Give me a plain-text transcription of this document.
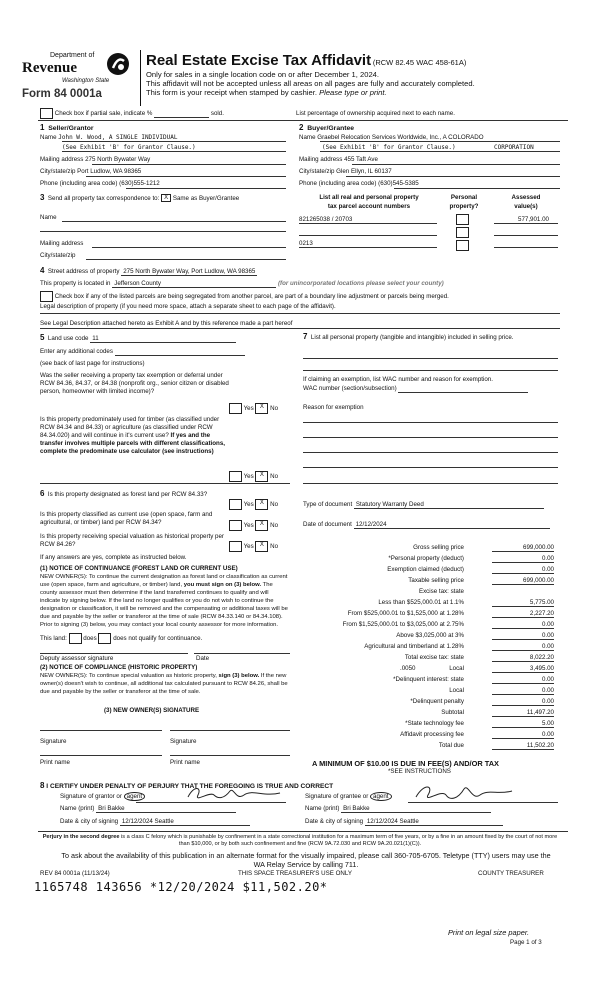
Department of
Revenue
Washington State
Form 84 0001a
Real Estate Excise Tax Affidavit (RCW 82.45 WAC 458-61A)
Only for sales in a single location code on or after December 1, 2024.
This affidavit will not be accepted unless all areas on all pages are fully and accurately completed.
This form is your receipt when stamped by cashier. Please type or print.
Check box if partial sale, indicate %	sold.	List percentage of ownership acquired next to each name.
1 Seller/Grantor
Name John W. Wood, A SINGLE INDIVIDUAL
(See Exhibit 'B' for Grantor Clause.)
Mailing address 275 North Bywater Way
City/state/zip Port Ludlow, WA 98365
Phone (including area code) (630)555-1212
2 Buyer/Grantee
Name Graebel Relocation Services Worldwide, Inc., A COLORADO
(See Exhibit 'B' for Grantor Clause.)	CORPORATION
Mailing address 455 Taft Ave
City/state/zip Glen Ellyn, IL 60137
Phone (including area code) (630)545-5385
3 Send all property tax correspondence to: X Same as Buyer/Grantee
Name
Mailing address
City/state/zip
List all real and personal property
tax parcel account numbers
Personal
property?
Assessed
value(s)
821265038 / 20703	577,901.00
0213
4 Street address of property 275 North Bywater Way, Port Ludlow, WA 98365
This property is located in Jefferson County	(for unincorporated locations please select your county)
Check box if any of the listed parcels are being segregated from another parcel, are part of a boundary line adjustment or parcels being merged.
Legal description of property (if you need more space, attach a separate sheet to each page of the affidavit).
See Legal Description attached hereto as Exhibit A and by this reference made a part hereof
5 Land use code 11
Enter any additional codes
(see back of last page for instructions)
Was the seller receiving a property tax exemption or deferral under RCW 84.36, 84.37, or 84.38 (nonprofit org., senior citizen or disabled person, homeowner with limited income)?
Yes X No
Is this property predominately used for timber (as classified under RCW 84.34 and 84.33) or agriculture (as classified under RCW 84.34.020) and will continue in it's current use? If yes and the transfer involves multiple parcels with different classifications, complete the predominate use calculator (see instructions)
Yes X No
7 List all personal property (tangible and intangible) included in selling price.
If claiming an exemption, list WAC number and reason for exemption.
WAC number (section/subsection)
Reason for exemption
6 Is this property designated as forest land per RCW 84.33?
Yes X No
Is this property classified as current use (open space, farm and agricultural, or timber) land per RCW 84.34?	Yes X No
Is this property receiving special valuation as historical property per RCW 84.26?	Yes X No
If any answers are yes, complete as instructed below.
(1) NOTICE OF CONTINUANCE (FOREST LAND OR CURRENT USE)
NEW OWNER(S): To continue the current designation as forest land or classification as current use (open space, farm and agriculture, or timber) land, you must sign on (3) below. The county assessor must then determine if the land transferred continues to qualify and will indicate by signing below. If the land no longer qualifies or you do not wish to continue the designation or classification, it will be removed and the compensating or additional taxes will be due and payable by the seller or transferor at the time of sale (RCW 84.33.140 or 84.34.108). Prior to signing (3) below, you may contact your local county assessor for more information.
This land:	does	does not qualify for continuance.
Deputy assessor signature	Date
(2) NOTICE OF COMPLIANCE (HISTORIC PROPERTY)
NEW OWNER(S): To continue special valuation as historic property, sign (3) below. If the new owner(s) doesn't wish to continue, all additional tax calculated pursuant to RCW 84.26, shall be due and payable by the seller or transferor at the time of sale.
(3) NEW OWNER(S) SIGNATURE
Signature	Signature
Print name	Print name
Type of document Statutory Warranty Deed
Date of document 12/12/2024
Gross selling price	699,000.00
*Personal property (deduct)	0.00
Exemption claimed (deduct)	0.00
Taxable selling price	699,000.00
Excise tax: state
Less than $525,000.01 at 1.1%	5,775.00
From $525,000.01 to $1,525,000 at 1.28%	2,227.20
From $1,525,000.01 to $3,025,000 at 2.75%	0.00
Above $3,025,000 at 3%	0.00
Agricultural and timberland at 1.28%	0.00
Total excise tax: state	8,022.20
.0050	Local	3,495.00
*Delinquent interest: state	0.00
Local	0.00
*Delinquent penalty	0.00
Subtotal	11,497.20
*State technology fee	5.00
Affidavit processing fee	0.00
Total due	11,502.20
A MINIMUM OF $10.00 IS DUE IN FEE(S) AND/OR TAX
*SEE INSTRUCTIONS
8 I CERTIFY UNDER PENALTY OF PERJURY THAT THE FOREGOING IS TRUE AND CORRECT
Signature of grantor or agent
Name (print) Bri Bakke
Date & city of signing 12/12/2024 Seattle
Signature of grantee or agent
Name (print) Bri Bakke
Date & city of signing 12/12/2024 Seattle
Perjury in the second degree is a class C felony which is punishable by confinement in a state correctional institution for a maximum term of five years, or by a fine in an amount fixed by the court of not more than $10,000, or by both such confinement and fine (RCW 9A.72.030 and RCW 9A.20.021(1)(C)).
To ask about the availability of this publication in an alternate format for the visually impaired, please call 360-705-6705. Teletype (TTY) users may use the WA Relay Service by calling 711.
REV 84 0001a (11/13/24)	THIS SPACE TREASURER'S USE ONLY	COUNTY TREASURER
1165748 143656 *12/20/2024 $11,502.20*
Print on legal size paper.
Page 1 of 3
